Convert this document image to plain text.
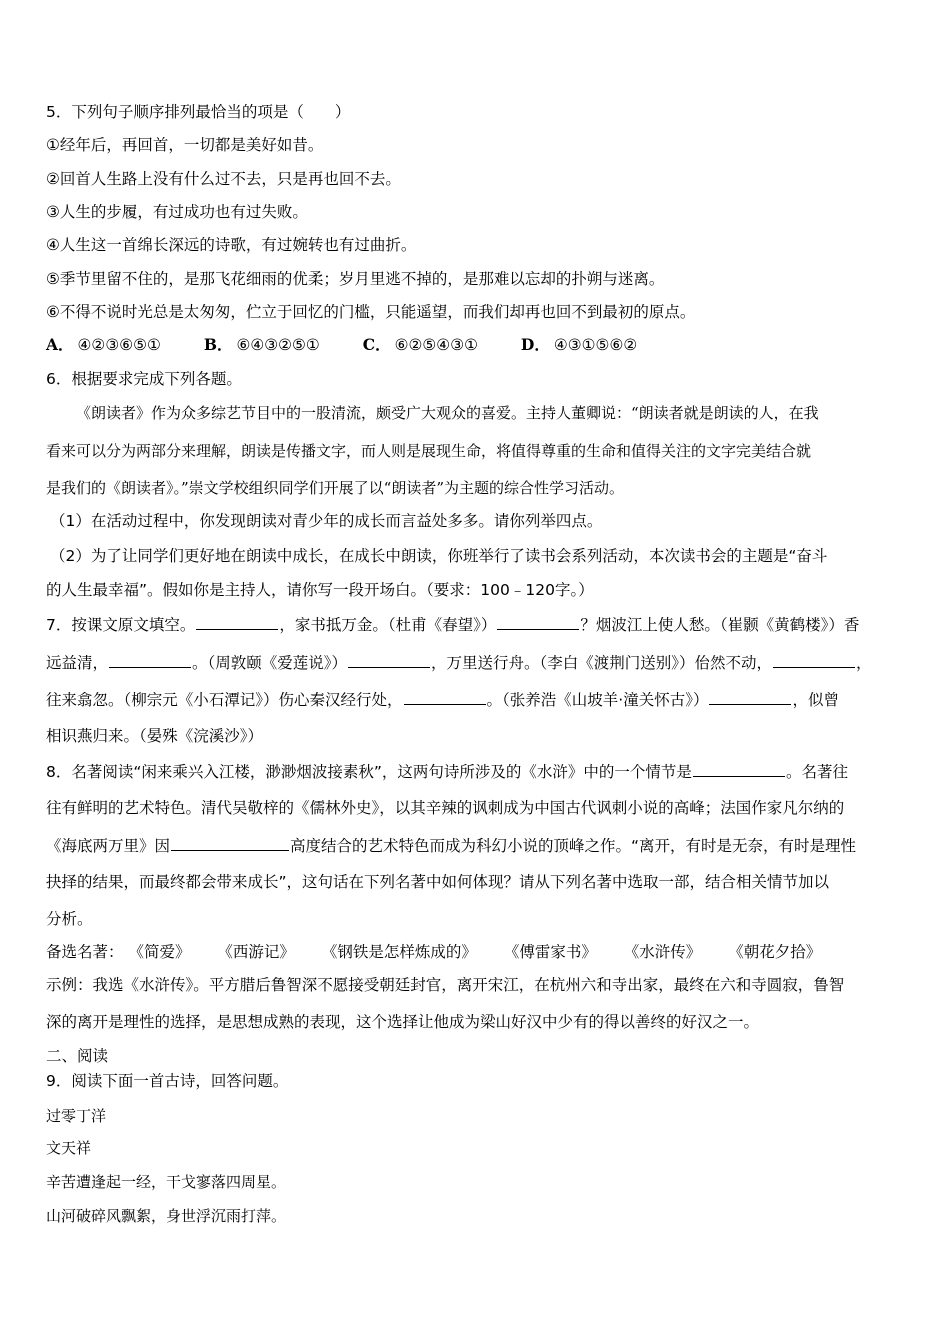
5．下列句子顺序排列最恰当的项是（　　）
①经年后，再回首，一切都是美好如昔。
②回首人生路上没有什么过不去，只是再也回不去。
③人生的步履，有过成功也有过失败。
④人生这一首绵长深远的诗歌，有过婉转也有过曲折。
⑤季节里留不住的，是那飞花细雨的优柔；岁月里逃不掉的，是那难以忘却的扑朔与迷离。
⑥不得不说时光总是太匆匆，伫立于回忆的门槛，只能遥望，而我们却再也回不到最初的原点。
A． ④②③⑥⑤①	B． ⑥④③②⑤①	C． ⑥②⑤④③①	D． ④③①⑤⑥②
6．根据要求完成下列各题。
《朗读者》作为众多综艺节目中的一股清流，颇受广大观众的喜爱。主持人董卿说：“朗读者就是朗读的人，在我
看来可以分为两部分来理解，朗读是传播文字，而人则是展现生命，将值得尊重的生命和值得关注的文字完美结合就
是我们的《朗读者》。”崇文学校组织同学们开展了以“朗读者”为主题的综合性学习活动。
（1）在活动过程中，你发现朗读对青少年的成长而言益处多多。请你列举四点。
（2）为了让同学们更好地在朗读中成长，在成长中朗读，你班举行了读书会系列活动，本次读书会的主题是“奋斗
的人生最幸福”。假如你是主持人，请你写一段开场白。（要求：100﹣120字。）
7．按课文原文填空。	，家书抵万金。（杜甫《春望》）	？烟波江上使人愁。（崔颢《黄鹤楼》）香
远益清，	。（周敦颐《爱莲说》）	，万里送行舟。（李白《渡荆门送别》）佁然不动，	，
往来翕忽。（柳宗元《小石潭记》）伤心秦汉经行处，	。（张养浩《山坡羊·潼关怀古》）	，似曾
相识燕归来。（晏殊《浣溪沙》）
8．名著阅读“闲来乘兴入江楼，渺渺烟波接素秋”，这两句诗所涉及的《水浒》中的一个情节是	。名著往
往有鲜明的艺术特色。清代吴敬梓的《儒林外史》，以其辛辣的讽刺成为中国古代讽刺小说的高峰；法国作家凡尔纳的
《海底两万里》因	高度结合的艺术特色而成为科幻小说的顶峰之作。“离开，有时是无奈，有时是理性
抉择的结果，而最终都会带来成长”，这句话在下列名著中如何体现？请从下列名著中选取一部，结合相关情节加以
分析。
备选名著： 《简爱》 《西游记》 《钢铁是怎样炼成的》 《傅雷家书》 《水浒传》 《朝花夕拾》
示例：我选《水浒传》。平方腊后鲁智深不愿接受朝廷封官，离开宋江，在杭州六和寺出家，最终在六和寺圆寂，鲁智
深的离开是理性的选择，是思想成熟的表现，这个选择让他成为梁山好汉中少有的得以善终的好汉之一。
二、阅读
9．阅读下面一首古诗，回答问题。
过零丁洋
文天祥
辛苦遭逢起一经，干戈寥落四周星。
山河破碎风飘絮，身世浮沉雨打萍。
